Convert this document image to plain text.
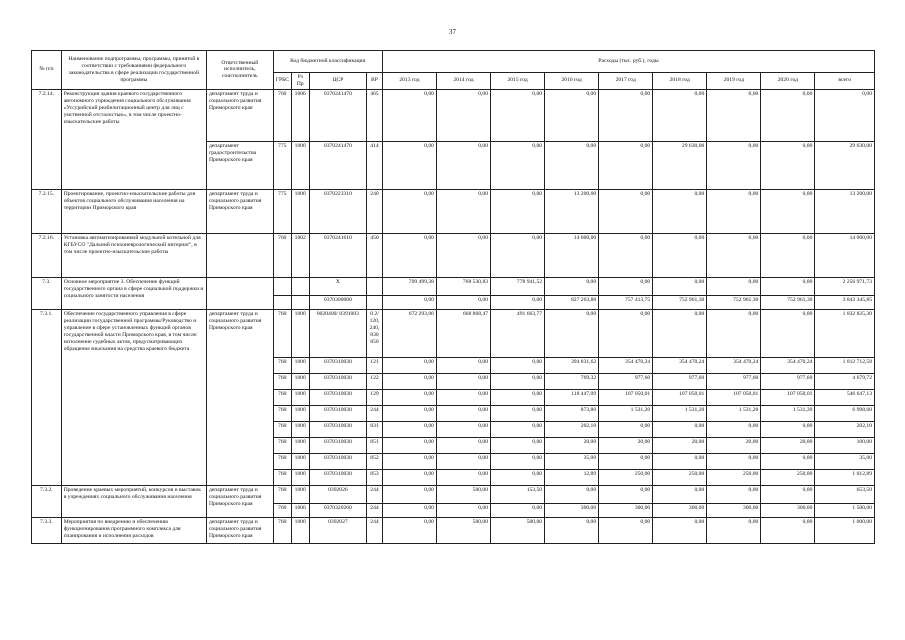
37
№ п/п	Наименование подпрограммы, программы, принятой в соответствии с требованиями федерального законодательства в сфере реализации государственной программы	Ответственный исполнитель, соисполнитель	Код бюджетной классификации				Расходы (тыс. руб.), годы								
			ГРБС	Рз Пр	ЦСР	ВР	2013 год	2014 год	2015 год	2016 год	2017 год	2018 год	2019 год	2020 год	всего
7.2.14.	Реконструкция здания краевого государственного автономного учреждения социального обслуживания «Уссурийский реабилитационный центр для лиц с умственной отсталостью», в том числе проектно-изыскательские работы	департамент труда и социального развития Приморского края	760	1006	0370241470	465	0,00	0,00	0,00	0,00	0,00	0,00	0,00	0,00	0,00
		департамент градостроительства Приморского края	775	1006	0370241470	414	0,00	0,00	0,00	0,00	0,00	29 630,00	0,00	0,00	29 630,00
7.2.15.	Проектирование, проектно-изыскательские работы для объектов социального обслуживания населения на территории Приморского края	департамент труда и социального развития Приморского края	775	1006	0370223310	240	0,00	0,00	0,00	13 200,00	0,00	0,00	0,00	0,00	13 200,00
7.2.16.	Установка автоматизированной модульной котельной для КГБУСО "Дальний психоневрологический интернат", в том числе проектно-изыскательские работы		760	1002	0370241610	450	0,00	0,00	0,00	14 000,00	0,00	0,00	0,00	0,00	14 000,00
7.3.	Основное мероприятие 3. Обеспечение функций государственного органа в сфере социальной поддержки и социального занятости населения				X		709 499,38	768 530,83	778 941,52	0,00	0,00	0,00	0,00	0,00	2 256 971,73
					0370300000		0,00	0,00	0,00	827 263,88	757 413,75	752 961,30	752 961,30	752 961,30	3 843 345,85
7.3.1.	Обеспечение государственного управления в сфере реализации государственной программы/Руководство и управление в сфере установленных функций органов государственной власти Приморского края, в том числе: исполнение судебных актов, предусматривающих обращение взыскания на средства краевого бюджета	департамент труда и социального развития Приморского края	760	1006	0020400/ 0391003	0 2/ 120, 240, 830 850	672 293,06	668 868,47	491 663,77	0,00	0,00	0,00	0,00	0,00	1 832 825,30
			760	1006	0370310030	121	0,00	0,00	0,00	394 831,62	354 470,24	354 470,24	354 470,24	354 470,24	1 812 712,58
			760	1006	0370310030	122	0,00	0,00	0,00	769,32	977,60	977,60	977,60	977,60	4 679,72
			760	1006	0370310030	129	0,00	0,00	0,00	118 447,09	107 050,01	107 050,01	107 050,01	107 050,01	546 647,13
			760	1006	0370310030	244	0,00	0,00	0,00	873,80	1 531,20	1 531,20	1 531,20	1 531,20	6 998,60
			760	1006	0370310030	831	0,00	0,00	0,00	202,10	0,00	0,00	0,00	0,00	202,10
			760	1006	0370310030	851	0,00	0,00	0,00	20,00	20,00	20,00	20,00	20,00	100,00
			760	1006	0370310030	852	0,00	0,00	0,00	35,00	0,00	0,00	0,00	0,00	35,00
			760	1006	0370310030	853	0,00	0,00	0,00	12,89	250,00	250,00	250,00	250,00	1 012,89
7.3.2.	Проведение краевых мероприятий, конкурсов и выставок в учреждениях социального обслуживания населения	департамент труда и социального развития Приморского края	760	1006	0392026	244	0,00	500,00	153,50	0,00	0,00	0,00	0,00	0,00	653,50
			760	1006	0370320260	244	0,00	0,00	0,00	300,00	300,00	300,00	300,00	300,00	1 500,00
7.3.3.	Мероприятия по внедрению и обеспечению функционирования программного комплекса для планирования и исполнения расходов	департамент труда и социального развития Приморского края	760	1006	0392027	244	0,00	500,00	500,00	0,00	0,00	0,00	0,00	0,00	1 000,00
